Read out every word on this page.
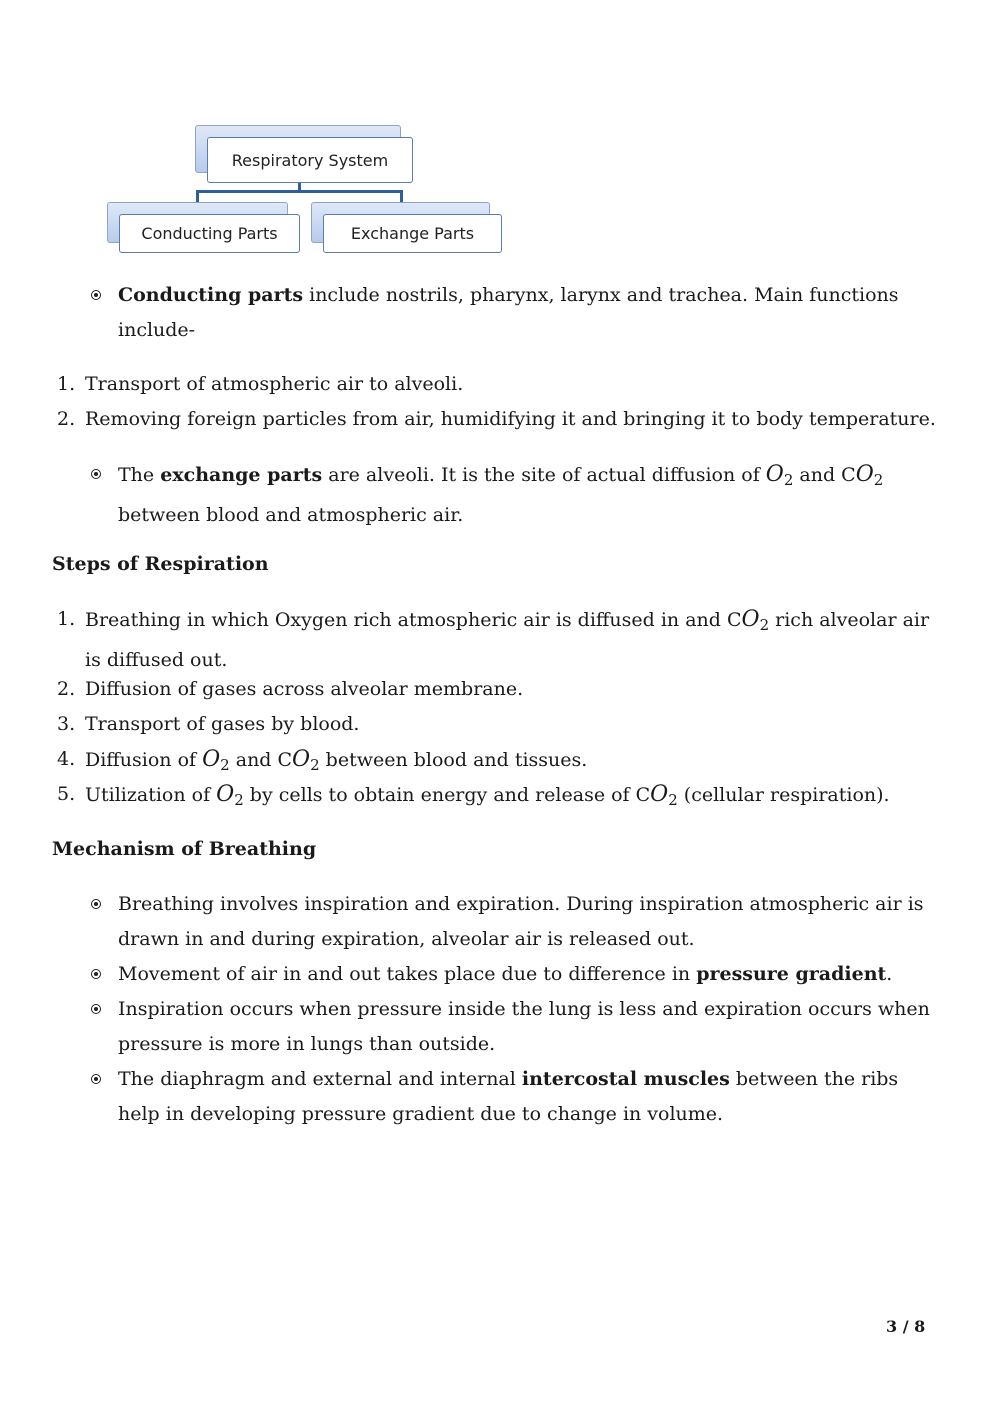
Respiratory System
Conducting Parts	Exchange Parts
Conducting parts include nostrils, pharynx, larynx and trachea. Main functions include-
1. Transport of atmospheric air to alveoli.
2. Removing foreign particles from air, humidifying it and bringing it to body temperature.
The exchange parts are alveoli. It is the site of actual diffusion of $O_2$ and $CO_2$ between blood and atmospheric air.
Steps of Respiration
1. Breathing in which Oxygen rich atmospheric air is diffused in and $CO_2$ rich alveolar air is diffused out.
2. Diffusion of gases across alveolar membrane.
3. Transport of gases by blood.
4. Diffusion of $O_2$ and $CO_2$ between blood and tissues.
5. Utilization of $O_2$ by cells to obtain energy and release of $CO_2$ (cellular respiration).
Mechanism of Breathing
Breathing involves inspiration and expiration. During inspiration atmospheric air is drawn in and during expiration, alveolar air is released out.
Movement of air in and out takes place due to difference in pressure gradient.
Inspiration occurs when pressure inside the lung is less and expiration occurs when pressure is more in lungs than outside.
The diaphragm and external and internal intercostal muscles between the ribs help in developing pressure gradient due to change in volume.
3 / 8
